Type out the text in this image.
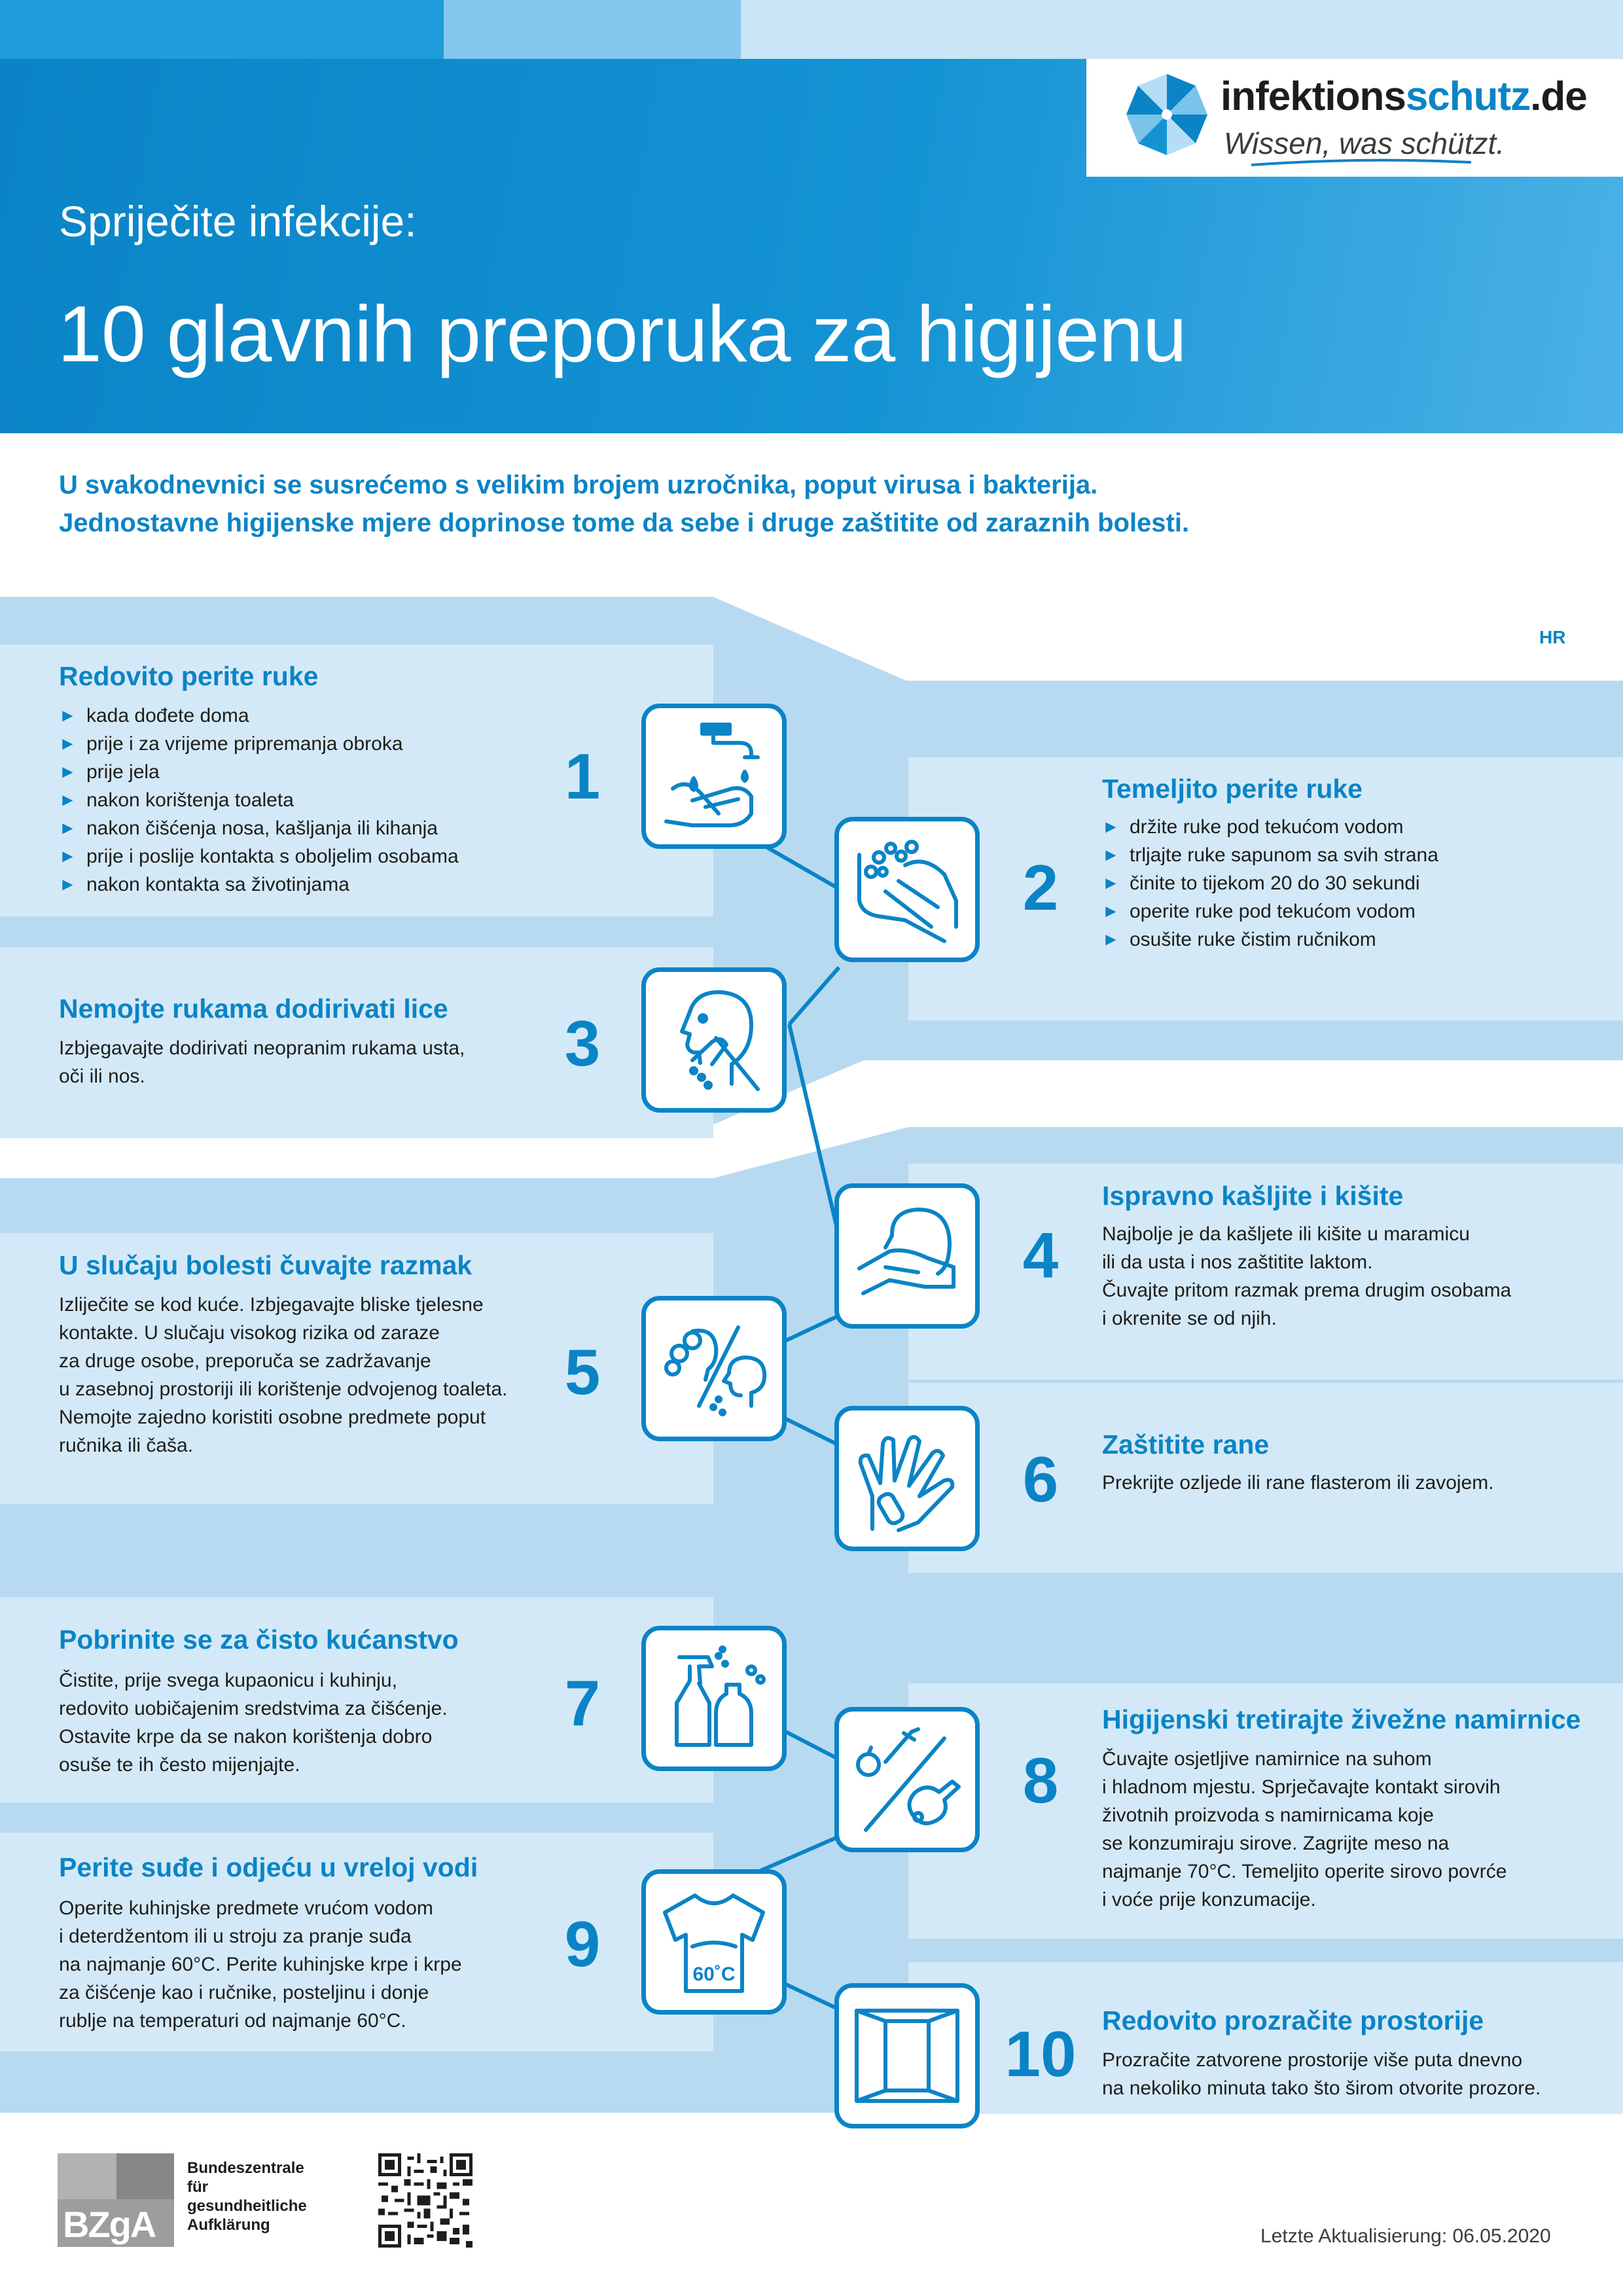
infektionsschutz.de
Wissen, was schützt.
Spriječite infekcije:
10 glavnih preporuka za higijenu
U svakodnevnici se susrećemo s velikim brojem uzročnika, poput virusa i bakterija.
Jednostavne higijenske mjere doprinose tome da sebe i druge zaštitite od zaraznih bolesti.
HR
Redovito perite ruke
► kada dođete doma
► prije i za vrijeme pripremanja obroka
► prije jela
► nakon korištenja toaleta
► nakon čišćenja nosa, kašljanja ili kihanja
► prije i poslije kontakta s oboljelim osobama
► nakon kontakta sa životinjama
1
2
Temeljito perite ruke
► držite ruke pod tekućom vodom
► trljajte ruke sapunom sa svih strana
► činite to tijekom 20 do 30 sekundi
► operite ruke pod tekućom vodom
► osušite ruke čistim ručnikom
Nemojte rukama dodirivati lice
Izbjegavajte dodirivati neopranim rukama usta,
oči ili nos.	3
4
Ispravno kašljite i kišite
Najbolje je da kašljete ili kišite u maramicu
ili da usta i nos zaštitite laktom.
Čuvajte pritom razmak prema drugim osobama
i okrenite se od njih.
U slučaju bolesti čuvajte razmak
Izliječite se kod kuće. Izbjegavajte bliske tjelesne
kontakte. U slučaju visokog rizika od zaraze
za druge osobe, preporuča se zadržavanje
u zasebnoj prostoriji ili korištenje odvojenog toaleta.
Nemojte zajedno koristiti osobne predmete poput
ručnika ili čaša.
5
6	Zaštitite rane
Prekrijte ozljede ili rane flasterom ili zavojem.
Pobrinite se za čisto kućanstvo
Čistite, prije svega kupaonicu i kuhinju,
redovito uobičajenim sredstvima za čišćenje.
Ostavite krpe da se nakon korištenja dobro
osuše te ih često mijenjajte.
7
8
Higijenski tretirajte živežne namirnice
Čuvajte osjetljive namirnice na suhom
i hladnom mjestu. Sprječavajte kontakt sirovih
životnih proizvoda s namirnicama koje
se konzumiraju sirove. Zagrijte meso na
najmanje 70°C. Temeljito operite sirovo povrće
i voće prije konzumacije.
Perite suđe i odjeću u vreloj vodi
Operite kuhinjske predmete vrućom vodom
i deterdžentom ili u stroju za pranje suđa
na najmanje 60°C. Perite kuhinjske krpe i krpe
za čišćenje kao i ručnike, posteljinu i donje
rublje na temperaturi od najmanje 60°C.
9	60˚C
10 Redovito prozračite prostorije
Prozračite zatvorene prostorije više puta dnevno
na nekoliko minuta tako što širom otvorite prozore.
BZgA
Bundeszentrale
für
gesundheitliche
Aufklärung
Letzte Aktualisierung: 06.05.2020
